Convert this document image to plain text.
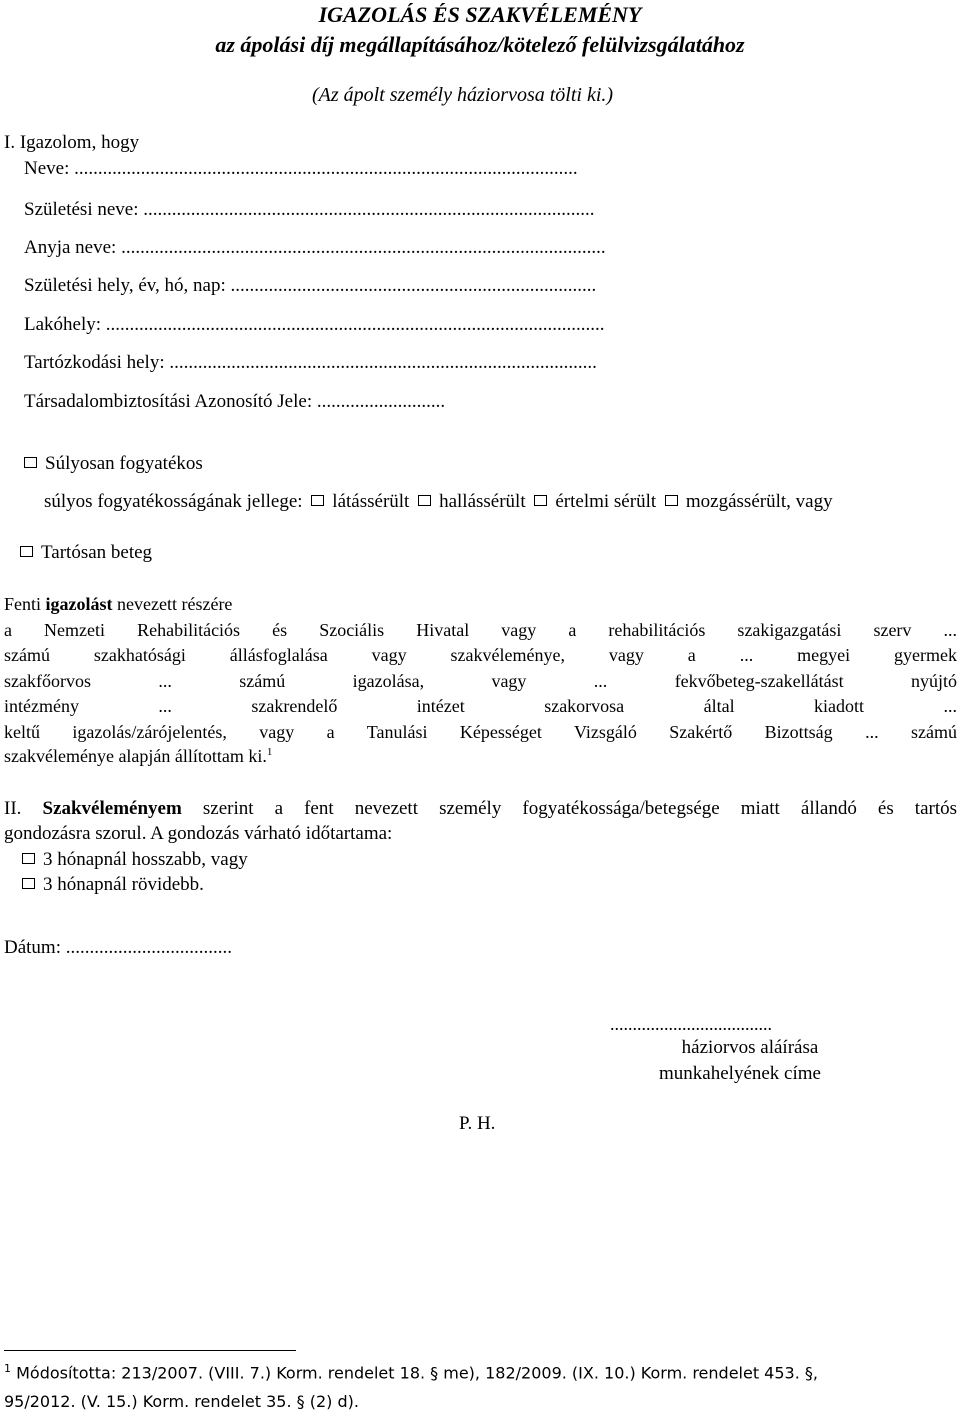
IGAZOLÁS ÉS SZAKVÉLEMÉNY
az ápolási díj megállapításához/kötelező felülvizsgálatához
(Az ápolt személy háziorvosa tölti ki.)
I. Igazolom, hogy
Neve: ..........................................................................................................
Születési neve: ...............................................................................................
Anyja neve: ......................................................................................................
Születési hely, év, hó, nap: .............................................................................
Lakóhely: .........................................................................................................
Tartózkodási hely: ..........................................................................................
Társadalombiztosítási Azonosító Jele: ...........................
Súlyosan fogyatékos
súlyos fogyatékosságának jellege: látássérült hallássérült értelmi sérült mozgássérült, vagy
Tartósan beteg
Fenti igazolást nevezett részére
a Nemzeti Rehabilitációs és Szociális Hivatal vagy a rehabilitációs szakigazgatási szerv ...
számú szakhatósági állásfoglalása vagy szakvéleménye, vagy a ... megyei gyermek
szakfőorvos ... számú igazolása, vagy ... fekvőbeteg-szakellátást nyújtó
intézmény ... szakrendelő intézet szakorvosa által kiadott ...
keltű igazolás/zárójelentés, vagy a Tanulási Képességet Vizsgáló Szakértő Bizottság ... számú
szakvéleménye alapján állítottam ki.$^1$
II. Szakvéleményem szerint a fent nevezett személy fogyatékossága/betegsége miatt állandó és tartós
gondozásra szorul. A gondozás várható időtartama:
3 hónapnál hosszabb, vagy
3 hónapnál rövidebb.
Dátum: ...................................
....................................
háziorvos aláírása
munkahelyének címe
P. H.
$^1$ Módosította: 213/2007. (VIII. 7.) Korm. rendelet 18. § me), 182/2009. (IX. 10.) Korm. rendelet 453. §,
95/2012. (V. 15.) Korm. rendelet 35. § (2) d).
